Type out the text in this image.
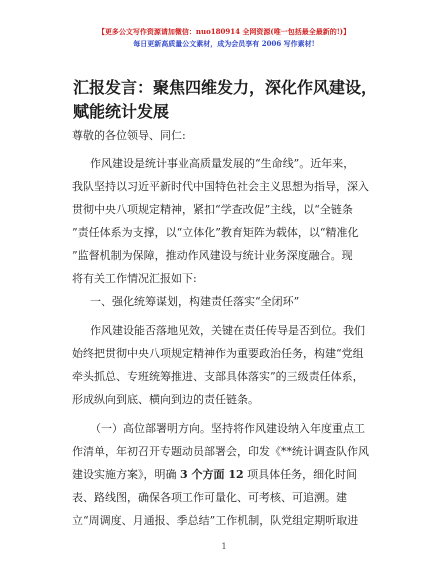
【更多公文写作资源请加微信：nuo180914 全网资源(唯一包括最全最新的!)】
每日更新高质量公文素材，成为会员享有 2006 写作素材!
汇报发言：聚焦四维发力，深化作风建设，赋能统计发展
尊敬的各位领导、同仁:
作风建设是统计事业高质量发展的“生命线”。近年来，
我队坚持以习近平新时代中国特色社会主义思想为指导，深入
贯彻中央八项规定精神，紧扣“学查改促”主线，以“全链条
”责任体系为支撑，以“立体化”教育矩阵为载体，以“精准化
”监督机制为保障，推动作风建设与统计业务深度融合。现
将有关工作情况汇报如下:
一、强化统筹谋划，构建责任落实“全闭环”
作风建设能否落地见效，关键在责任传导是否到位。我们
始终把贯彻中央八项规定精神作为重要政治任务，构建“党组
牵头抓总、专班统筹推进、支部具体落实”的三级责任体系，
形成纵向到底、横向到边的责任链条。
（一）高位部署明方向。坚持将作风建设纳入年度重点工
作清单，年初召开专题动员部署会，印发《**统计调查队作风
建设实施方案》，明确 3 个方面 12 项具体任务，细化时间
表、路线图，确保各项工作可量化、可考核、可追溯。建
立“周调度、月通报、季总结”工作机制，队党组定期听取进
1
